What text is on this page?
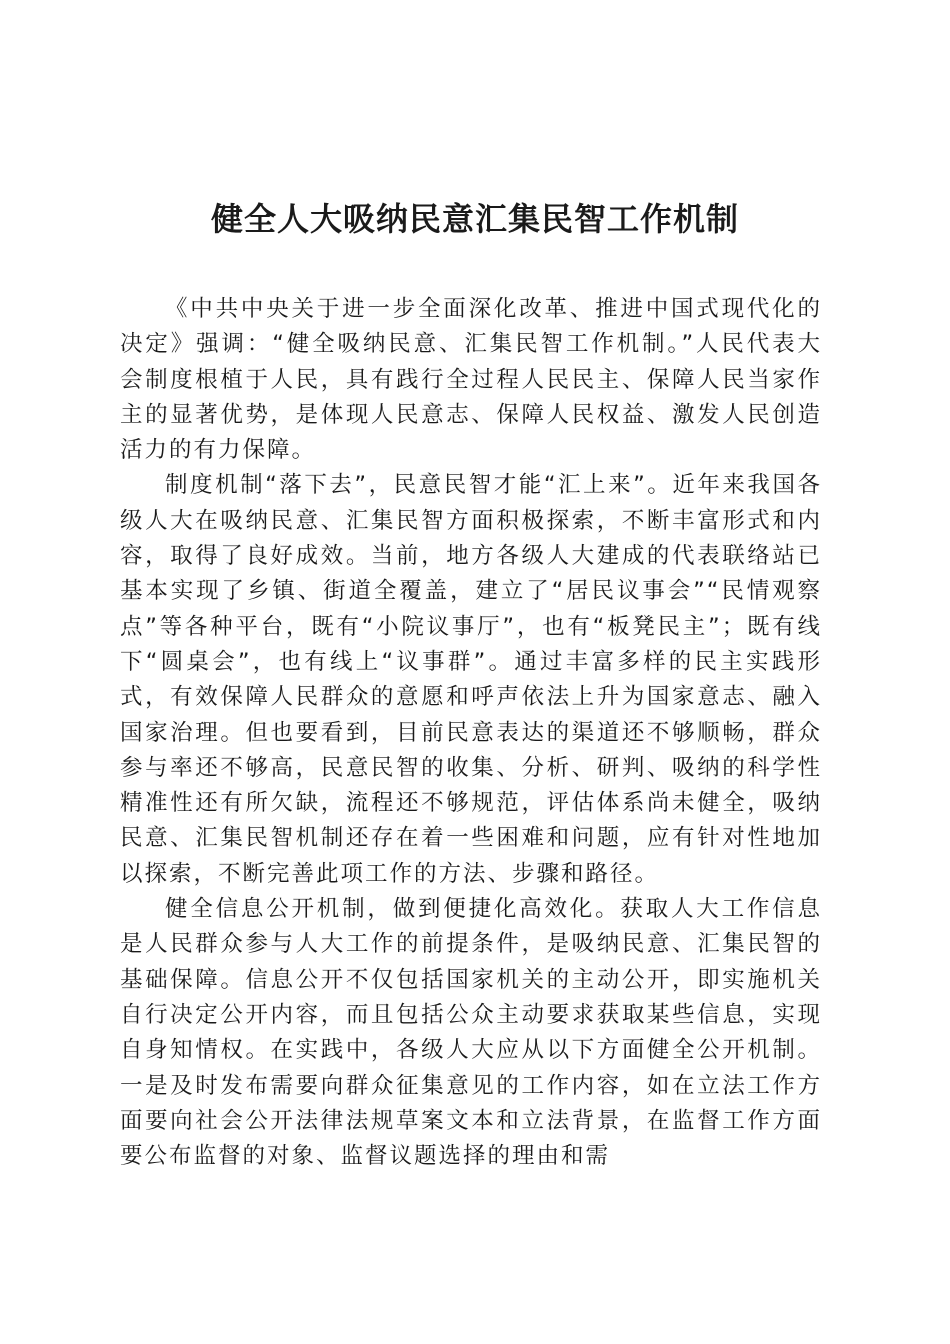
健全人大吸纳民意汇集民智工作机制

《中共中央关于进一步全面深化改革、推进中国式现代化的决定》强调：“健全吸纳民意、汇集民智工作机制。”人民代表大会制度根植于人民，具有践行全过程人民民主、保障人民当家作主的显著优势，是体现人民意志、保障人民权益、激发人民创造活力的有力保障。

制度机制“落下去”，民意民智才能“汇上来”。近年来我国各级人大在吸纳民意、汇集民智方面积极探索，不断丰富形式和内容，取得了良好成效。当前，地方各级人大建成的代表联络站已基本实现了乡镇、街道全覆盖，建立了“居民议事会”“民情观察点”等各种平台，既有“小院议事厅”，也有“板凳民主”；既有线下“圆桌会”，也有线上“议事群”。通过丰富多样的民主实践形式，有效保障人民群众的意愿和呼声依法上升为国家意志、融入国家治理。但也要看到，目前民意表达的渠道还不够顺畅，群众参与率还不够高，民意民智的收集、分析、研判、吸纳的科学性精准性还有所欠缺，流程还不够规范，评估体系尚未健全，吸纳民意、汇集民智机制还存在着一些困难和问题，应有针对性地加以探索，不断完善此项工作的方法、步骤和路径。

健全信息公开机制，做到便捷化高效化。获取人大工作信息是人民群众参与人大工作的前提条件，是吸纳民意、汇集民智的基础保障。信息公开不仅包括国家机关的主动公开，即实施机关自行决定公开内容，而且包括公众主动要求获取某些信息，实现自身知情权。在实践中，各级人大应从以下方面健全公开机制。一是及时发布需要向群众征集意见的工作内容，如在立法工作方面要向社会公开法律法规草案文本和立法背景，在监督工作方面要公布监督的对象、监督议题选择的理由和需
